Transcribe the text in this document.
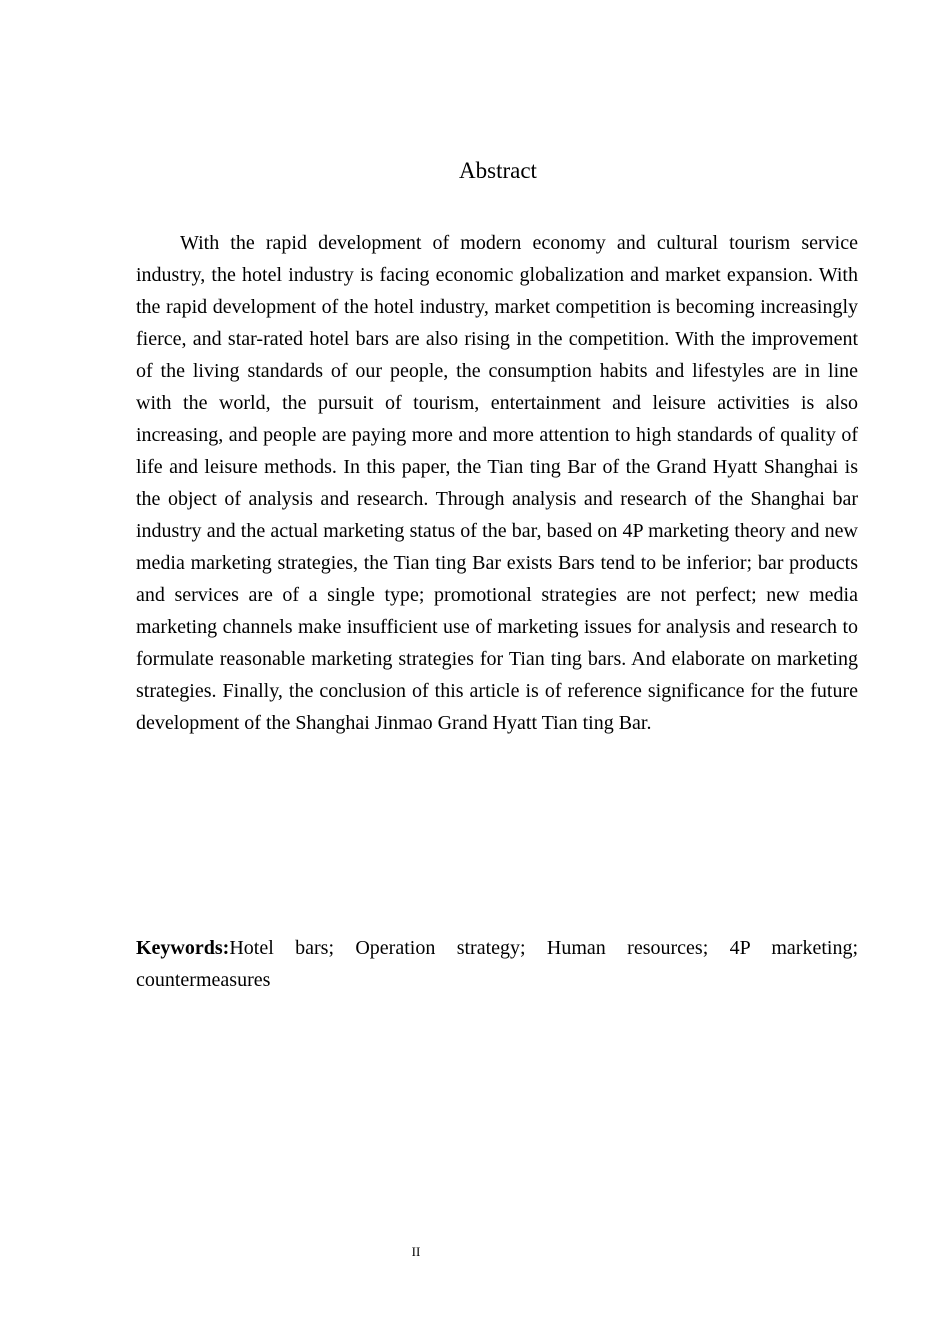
Abstract

With the rapid development of modern economy and cultural tourism service industry, the hotel industry is facing economic globalization and market expansion. With the rapid development of the hotel industry, market competition is becoming increasingly fierce, and star-rated hotel bars are also rising in the competition. With the improvement of the living standards of our people, the consumption habits and lifestyles are in line with the world, the pursuit of tourism, entertainment and leisure activities is also increasing, and people are paying more and more attention to high standards of quality of life and leisure methods. In this paper, the Tian ting Bar of the Grand Hyatt Shanghai is the object of analysis and research. Through analysis and research of the Shanghai bar industry and the actual marketing status of the bar, based on 4P marketing theory and new media marketing strategies, the Tian ting Bar exists Bars tend to be inferior; bar products and services are of a single type; promotional strategies are not perfect; new media marketing channels make insufficient use of marketing issues for analysis and research to formulate reasonable marketing strategies for Tian ting bars. And elaborate on marketing strategies. Finally, the conclusion of this article is of reference significance for the future development of the Shanghai Jinmao Grand Hyatt Tian ting Bar.

Keywords:Hotel bars; Operation strategy; Human resources; 4P marketing; countermeasures

II
